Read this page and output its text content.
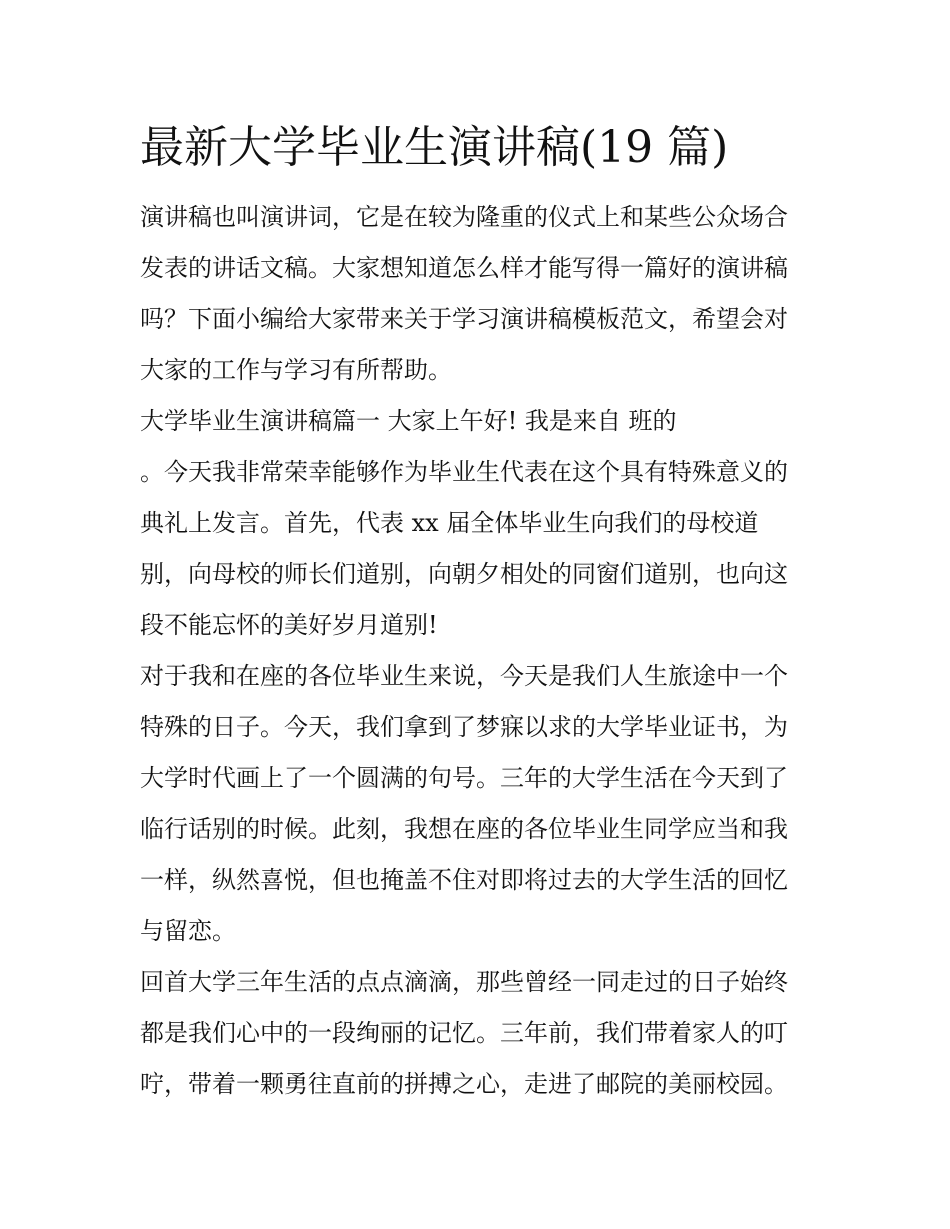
最新大学毕业生演讲稿(19 篇)
演讲稿也叫演讲词，它是在较为隆重的仪式上和某些公众场合
发表的讲话文稿。大家想知道怎么样才能写得一篇好的演讲稿
吗？下面小编给大家带来关于学习演讲稿模板范文，希望会对
大家的工作与学习有所帮助。
大学毕业生演讲稿篇一 大家上午好! 我是来自 班的
。今天我非常荣幸能够作为毕业生代表在这个具有特殊意义的
典礼上发言。首先，代表 xx 届全体毕业生向我们的母校道
别，向母校的师长们道别，向朝夕相处的同窗们道别，也向这
段不能忘怀的美好岁月道别!
对于我和在座的各位毕业生来说，今天是我们人生旅途中一个
特殊的日子。今天，我们拿到了梦寐以求的大学毕业证书，为
大学时代画上了一个圆满的句号。三年的大学生活在今天到了
临行话别的时候。此刻，我想在座的各位毕业生同学应当和我
一样，纵然喜悦，但也掩盖不住对即将过去的大学生活的回忆
与留恋。
回首大学三年生活的点点滴滴，那些曾经一同走过的日子始终
都是我们心中的一段绚丽的记忆。三年前，我们带着家人的叮
咛，带着一颗勇往直前的拼搏之心，走进了邮院的美丽校园。
